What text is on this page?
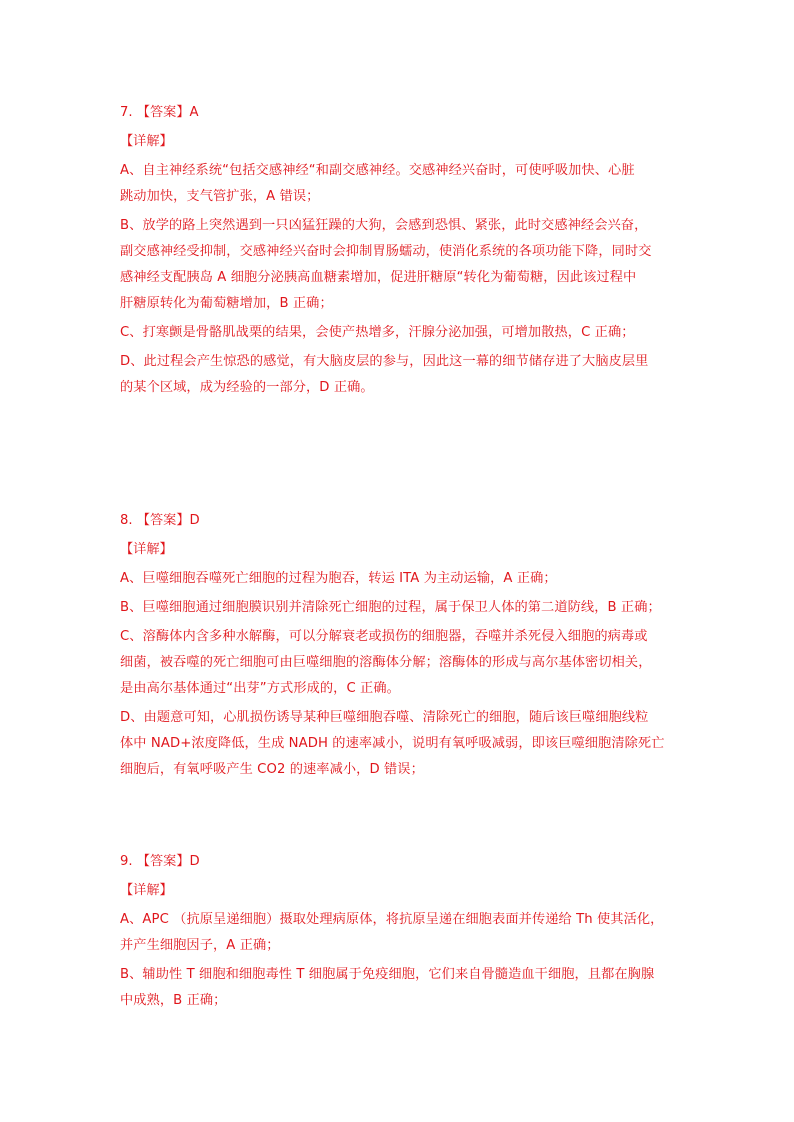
7. 【答案】A

【详解】

A、自主神经系统“包括交感神经“和副交感神经。交感神经兴奋时，可使呼吸加快、心脏

跳动加快，支气管扩张，A 错误；

B、放学的路上突然遇到一只凶猛狂躁的大狗，会感到恐惧、紧张，此时交感神经会兴奋，

副交感神经受抑制，交感神经兴奋时会抑制胃肠蠕动，使消化系统的各项功能下降，同时交

感神经支配胰岛 A 细胞分泌胰高血糖素增加，促进肝糖原“转化为葡萄糖，因此该过程中

肝糖原转化为葡萄糖增加，B 正确；

C、打寒颤是骨骼肌战栗的结果，会使产热增多，汗腺分泌加强，可增加散热，C 正确；

D、此过程会产生惊恐的感觉，有大脑皮层的参与，因此这一幕的细节储存进了大脑皮层里

的某个区域，成为经验的一部分，D 正确。

8. 【答案】D

【详解】

A、巨噬细胞吞噬死亡细胞的过程为胞吞，转运 ITA 为主动运输，A 正确；

B、巨噬细胞通过细胞膜识别并清除死亡细胞的过程，属于保卫人体的第二道防线，B 正确；

C、溶酶体内含多种水解酶，可以分解衰老或损伤的细胞器，吞噬并杀死侵入细胞的病毒或

细菌，被吞噬的死亡细胞可由巨噬细胞的溶酶体分解；溶酶体的形成与高尔基体密切相关，

是由高尔基体通过“出芽”方式形成的，C 正确。

D、由题意可知，心肌损伤诱导某种巨噬细胞吞噬、清除死亡的细胞，随后该巨噬细胞线粒

体中 NAD+浓度降低，生成 NADH 的速率减小，说明有氧呼吸减弱，即该巨噬细胞清除死亡

细胞后，有氧呼吸产生 CO2 的速率减小，D 错误；

9. 【答案】D

【详解】

A、APC （抗原呈递细胞）摄取处理病原体，将抗原呈递在细胞表面并传递给 Th 使其活化，

并产生细胞因子，A 正确；

B、辅助性 T 细胞和细胞毒性 T 细胞属于免疫细胞，它们来自骨髓造血干细胞，且都在胸腺

中成熟，B 正确；
